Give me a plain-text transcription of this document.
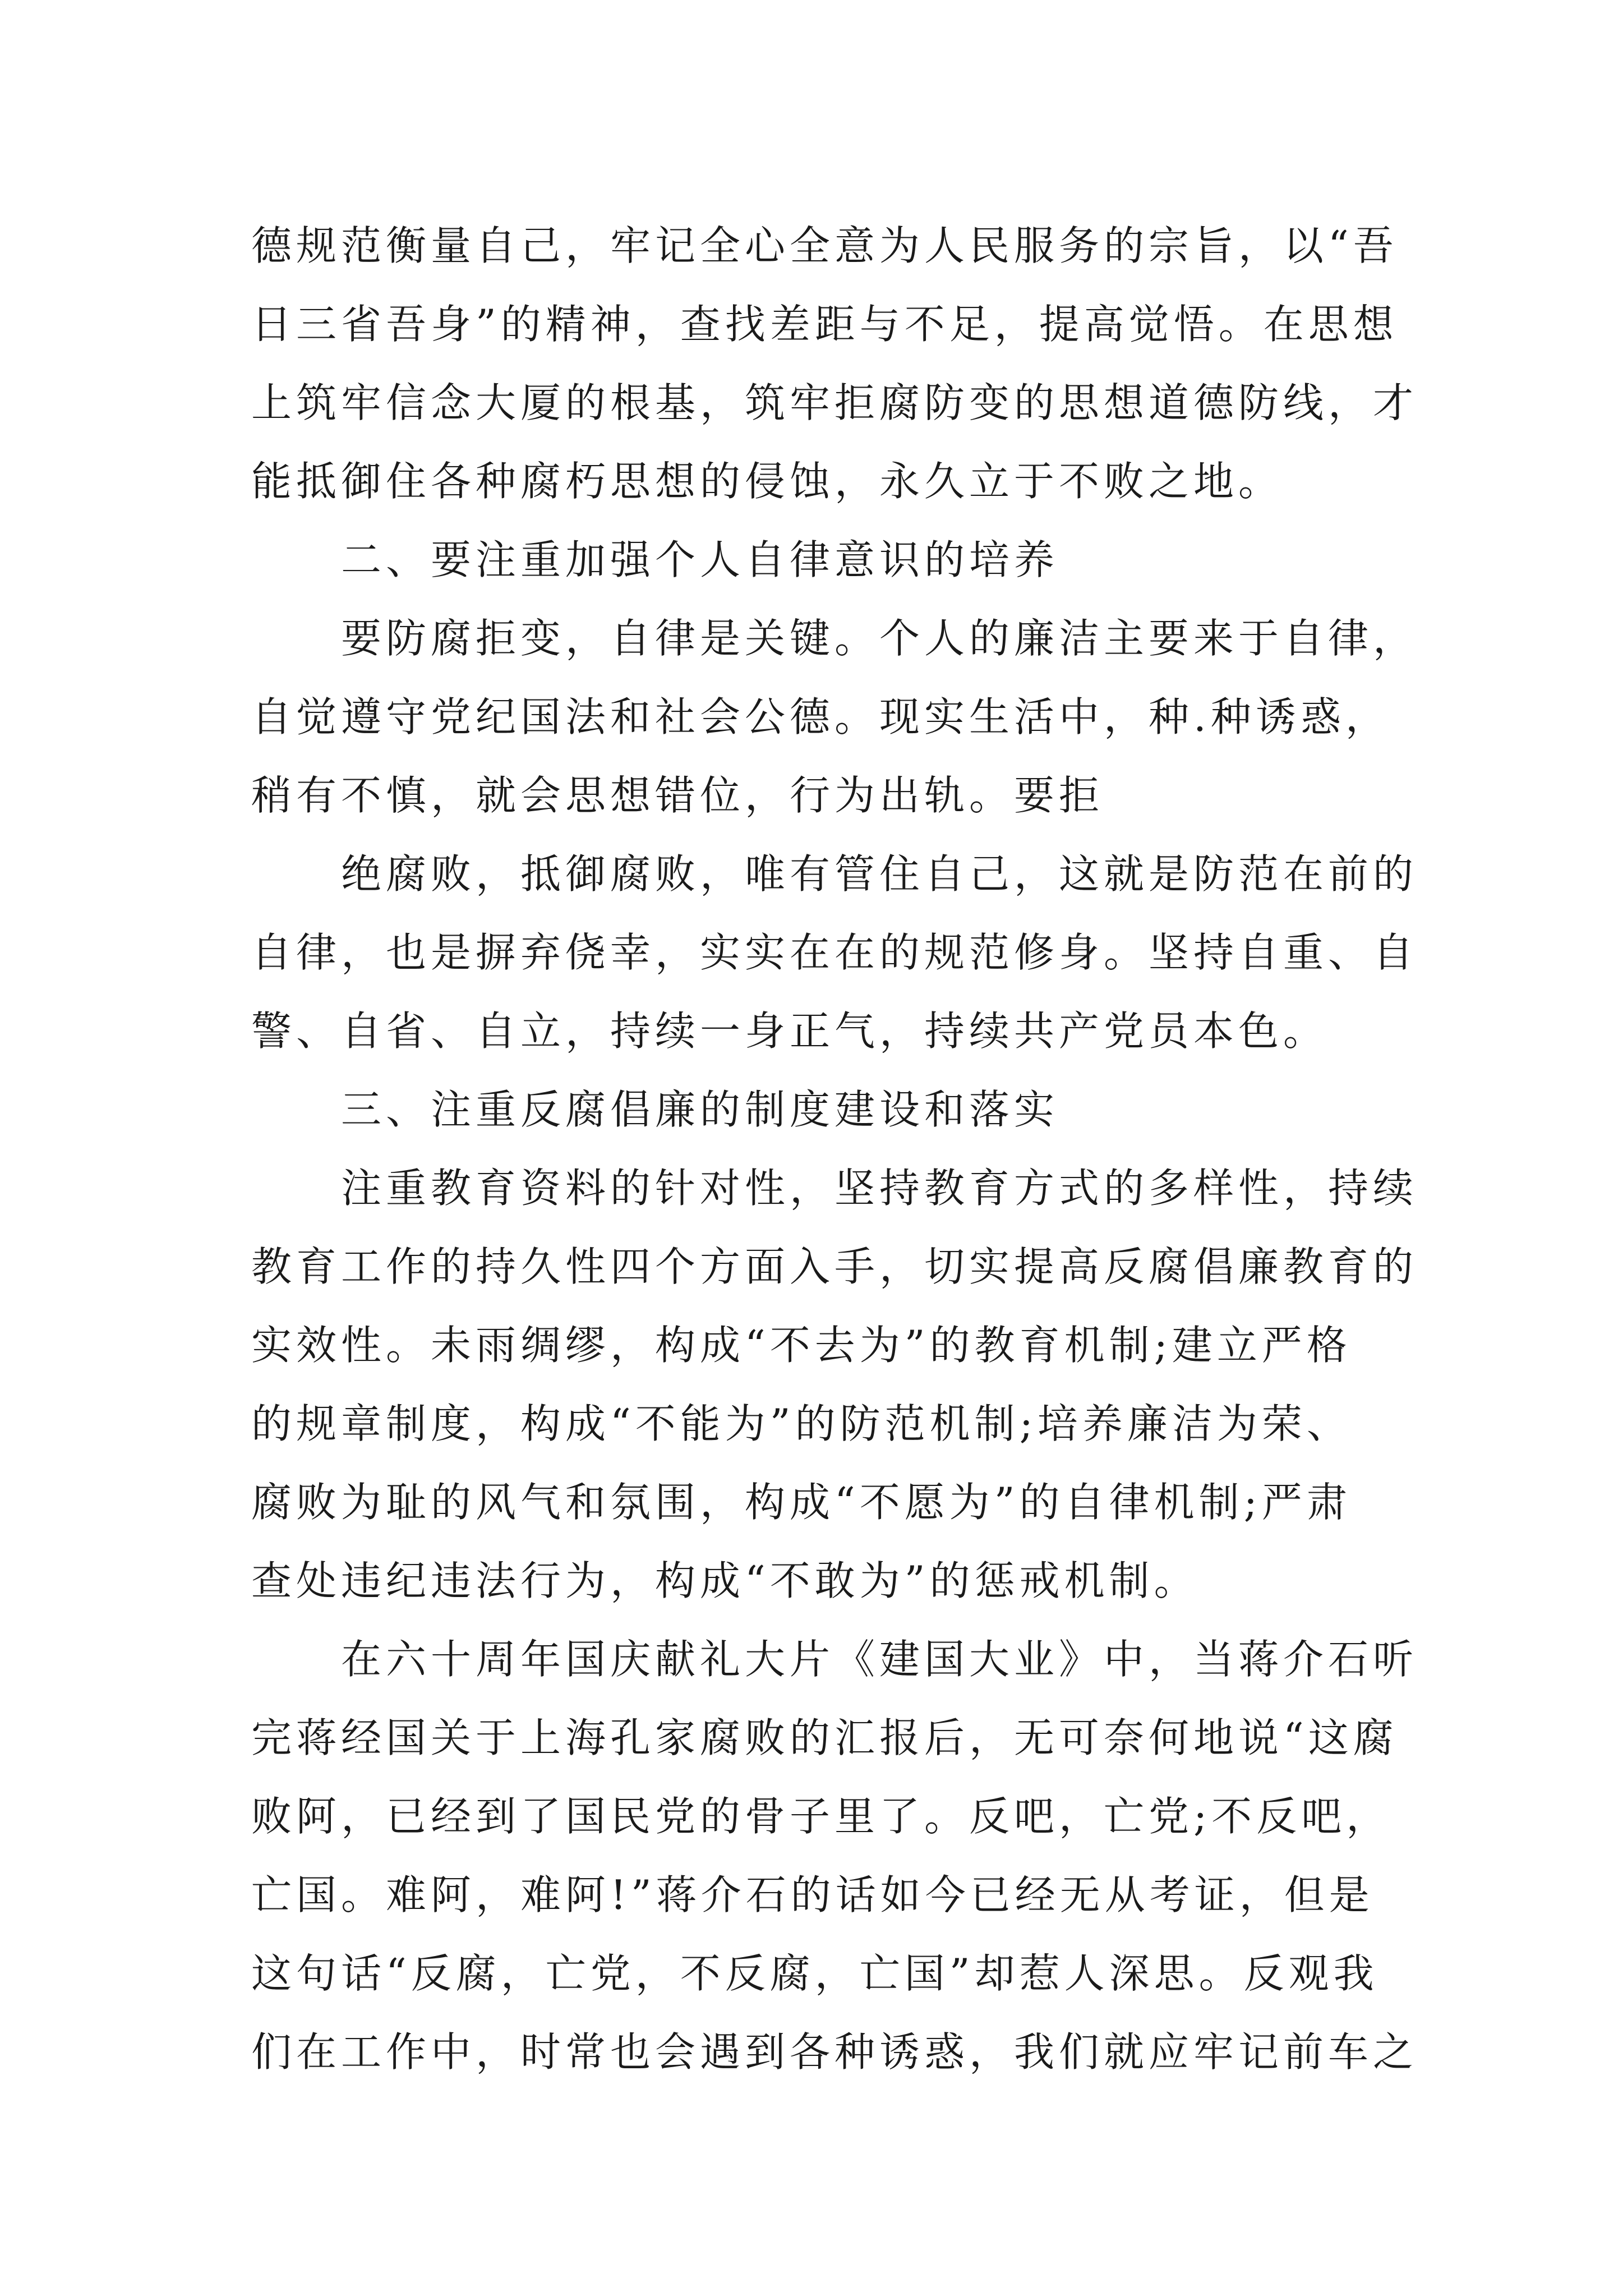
德规范衡量自己，牢记全心全意为人民服务的宗旨，以“吾
日三省吾身”的精神，查找差距与不足，提高觉悟。在思想
上筑牢信念大厦的根基，筑牢拒腐防变的思想道德防线，才
能抵御住各种腐朽思想的侵蚀，永久立于不败之地。
二、要注重加强个人自律意识的培养
要防腐拒变，自律是关键。个人的廉洁主要来于自律，
自觉遵守党纪国法和社会公德。现实生活中，种.种诱惑，
稍有不慎，就会思想错位，行为出轨。要拒
绝腐败，抵御腐败，唯有管住自己，这就是防范在前的
自律，也是摒弃侥幸，实实在在的规范修身。坚持自重、自
警、自省、自立，持续一身正气，持续共产党员本色。
三、注重反腐倡廉的制度建设和落实
注重教育资料的针对性，坚持教育方式的多样性，持续
教育工作的持久性四个方面入手，切实提高反腐倡廉教育的
实效性。未雨绸缪，构成“不去为”的教育机制;建立严格
的规章制度，构成“不能为”的防范机制;培养廉洁为荣、
腐败为耻的风气和氛围，构成“不愿为”的自律机制;严肃
查处违纪违法行为，构成“不敢为”的惩戒机制。
在六十周年国庆献礼大片《建国大业》中，当蒋介石听
完蒋经国关于上海孔家腐败的汇报后，无可奈何地说“这腐
败阿，已经到了国民党的骨子里了。反吧，亡党;不反吧，
亡国。难阿，难阿!”蒋介石的话如今已经无从考证，但是
这句话“反腐，亡党，不反腐，亡国”却惹人深思。反观我
们在工作中，时常也会遇到各种诱惑，我们就应牢记前车之
